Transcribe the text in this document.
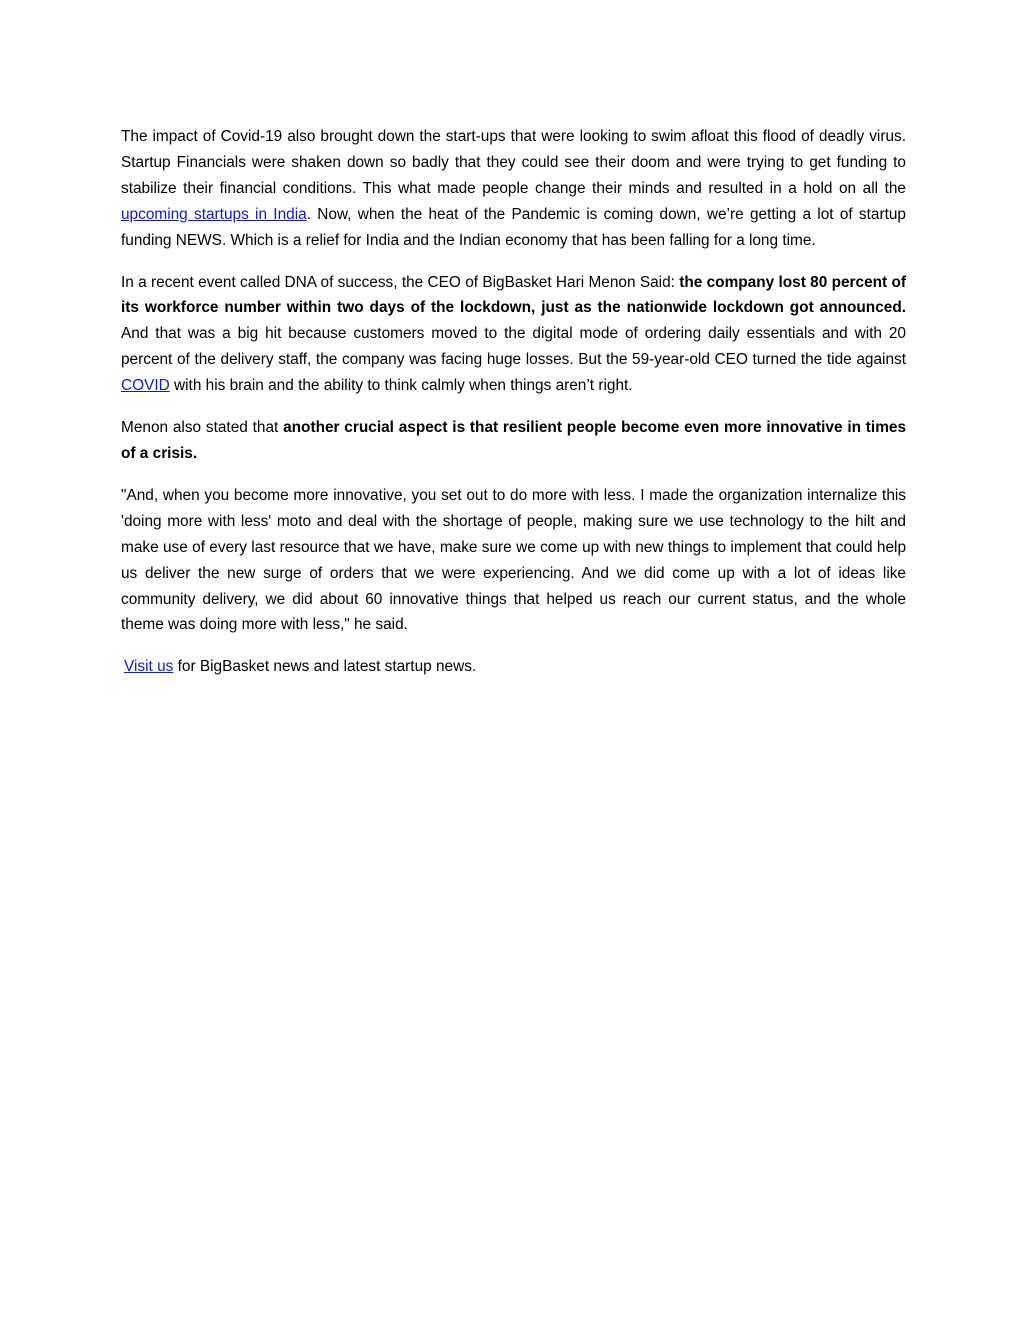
The impact of Covid-19 also brought down the start-ups that were looking to swim afloat this flood of deadly virus. Startup Financials were shaken down so badly that they could see their doom and were trying to get funding to stabilize their financial conditions. This what made people change their minds and resulted in a hold on all the upcoming startups in India. Now, when the heat of the Pandemic is coming down, we’re getting a lot of startup funding NEWS. Which is a relief for India and the Indian economy that has been falling for a long time.

In a recent event called DNA of success, the CEO of BigBasket Hari Menon Said: the company lost 80 percent of its workforce number within two days of the lockdown, just as the nationwide lockdown got announced. And that was a big hit because customers moved to the digital mode of ordering daily essentials and with 20 percent of the delivery staff, the company was facing huge losses. But the 59-year-old CEO turned the tide against COVID with his brain and the ability to think calmly when things aren’t right.

Menon also stated that another crucial aspect is that resilient people become even more innovative in times of a crisis.

"And, when you become more innovative, you set out to do more with less. I made the organization internalize this 'doing more with less' moto and deal with the shortage of people, making sure we use technology to the hilt and make use of every last resource that we have, make sure we come up with new things to implement that could help us deliver the new surge of orders that we were experiencing. And we did come up with a lot of ideas like community delivery, we did about 60 innovative things that helped us reach our current status, and the whole theme was doing more with less," he said.

Visit us for BigBasket news and latest startup news.
